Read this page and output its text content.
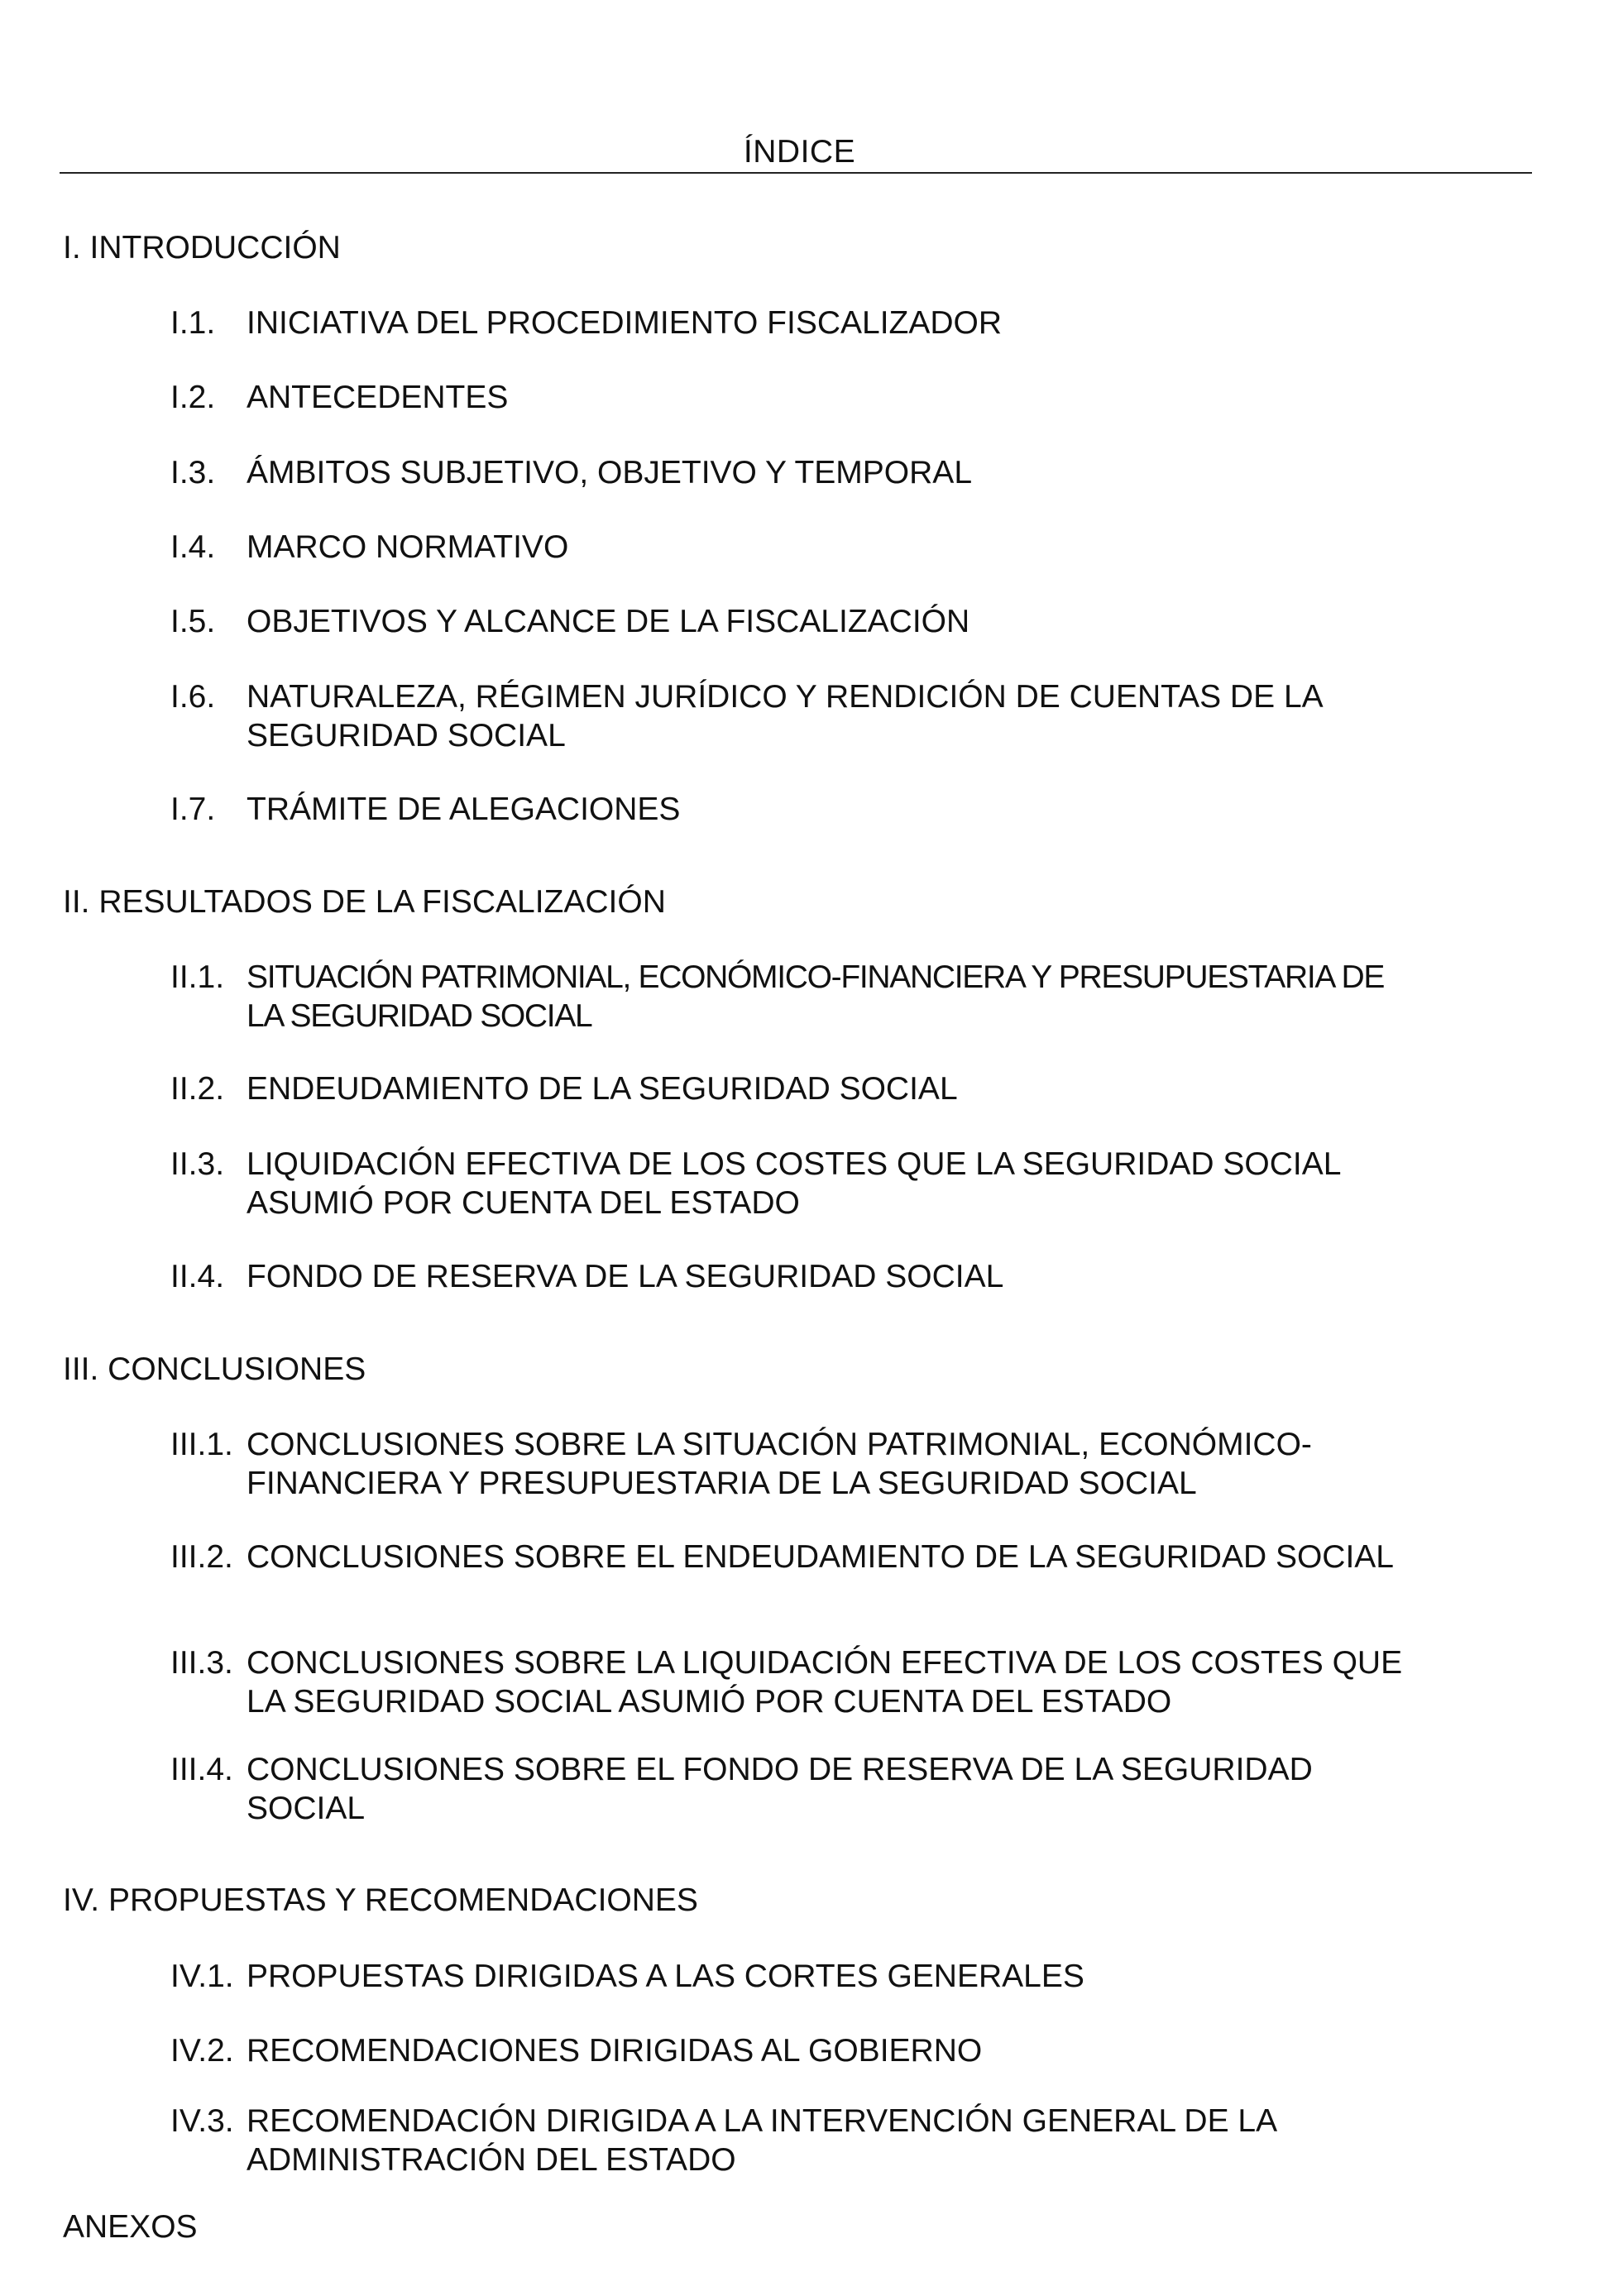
ÍNDICE
I. INTRODUCCIÓN
I.1. INICIATIVA DEL PROCEDIMIENTO FISCALIZADOR
I.2. ANTECEDENTES
I.3. ÁMBITOS SUBJETIVO, OBJETIVO Y TEMPORAL
I.4. MARCO NORMATIVO
I.5. OBJETIVOS Y ALCANCE DE LA FISCALIZACIÓN
I.6. NATURALEZA, RÉGIMEN JURÍDICO Y RENDICIÓN DE CUENTAS DE LA SEGURIDAD SOCIAL
I.7. TRÁMITE DE ALEGACIONES
II. RESULTADOS DE LA FISCALIZACIÓN
II.1. SITUACIÓN PATRIMONIAL, ECONÓMICO-FINANCIERA Y PRESUPUESTARIA DE LA SEGURIDAD SOCIAL
II.2. ENDEUDAMIENTO DE LA SEGURIDAD SOCIAL
II.3. LIQUIDACIÓN EFECTIVA DE LOS COSTES QUE LA SEGURIDAD SOCIAL ASUMIÓ POR CUENTA DEL ESTADO
II.4. FONDO DE RESERVA DE LA SEGURIDAD SOCIAL
III. CONCLUSIONES
III.1. CONCLUSIONES SOBRE LA SITUACIÓN PATRIMONIAL, ECONÓMICO-FINANCIERA Y PRESUPUESTARIA DE LA SEGURIDAD SOCIAL
III.2. CONCLUSIONES SOBRE EL ENDEUDAMIENTO DE LA SEGURIDAD SOCIAL
III.3. CONCLUSIONES SOBRE LA LIQUIDACIÓN EFECTIVA DE LOS COSTES QUE LA SEGURIDAD SOCIAL ASUMIÓ POR CUENTA DEL ESTADO
III.4. CONCLUSIONES SOBRE EL FONDO DE RESERVA DE LA SEGURIDAD SOCIAL
IV. PROPUESTAS Y RECOMENDACIONES
IV.1. PROPUESTAS DIRIGIDAS A LAS CORTES GENERALES
IV.2. RECOMENDACIONES DIRIGIDAS AL GOBIERNO
IV.3. RECOMENDACIÓN DIRIGIDA A LA INTERVENCIÓN GENERAL DE LA ADMINISTRACIÓN DEL ESTADO
ANEXOS
